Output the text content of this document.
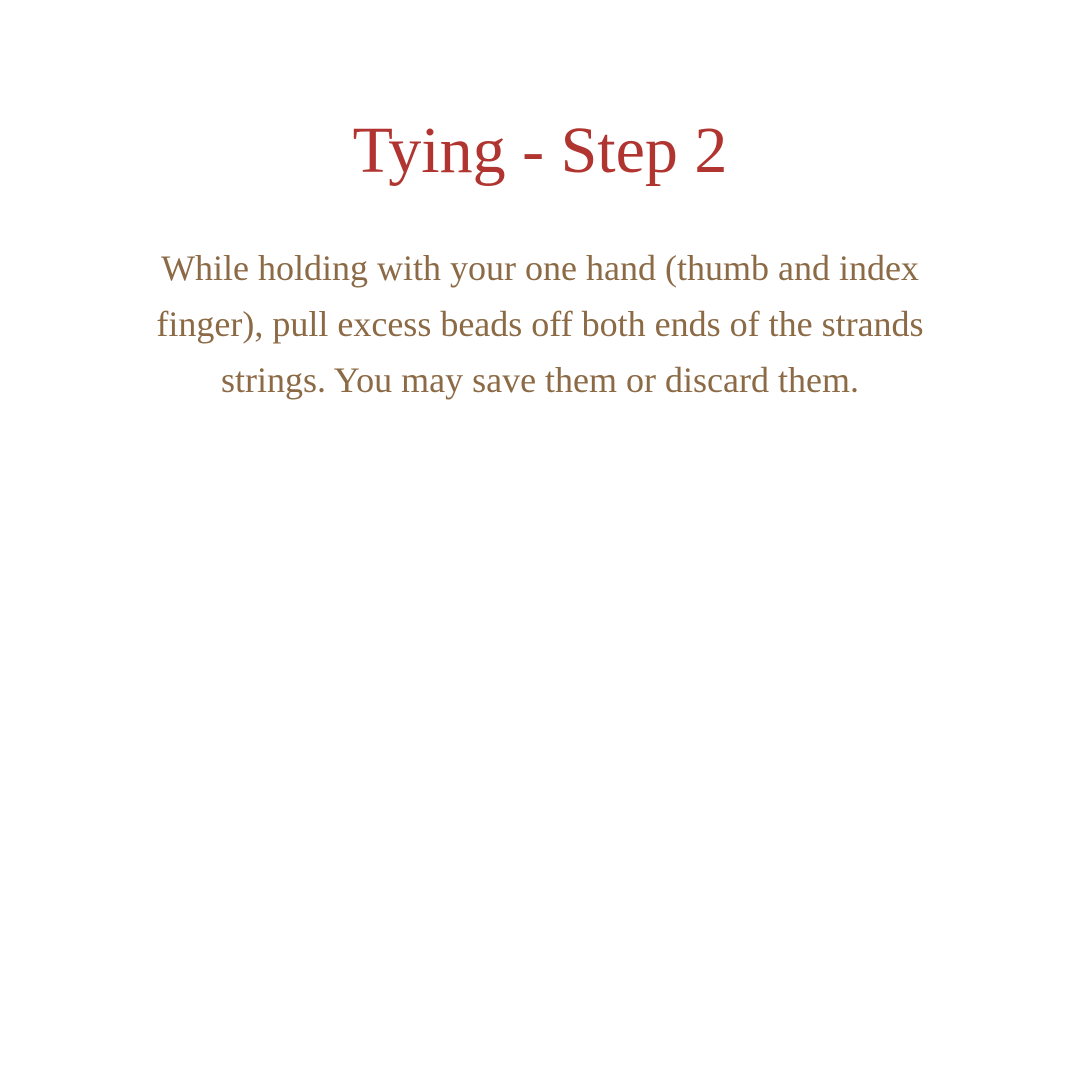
Tying - Step 2

While holding with your one hand (thumb and index finger), pull excess beads off both ends of the strands strings. You may save them or discard them.
